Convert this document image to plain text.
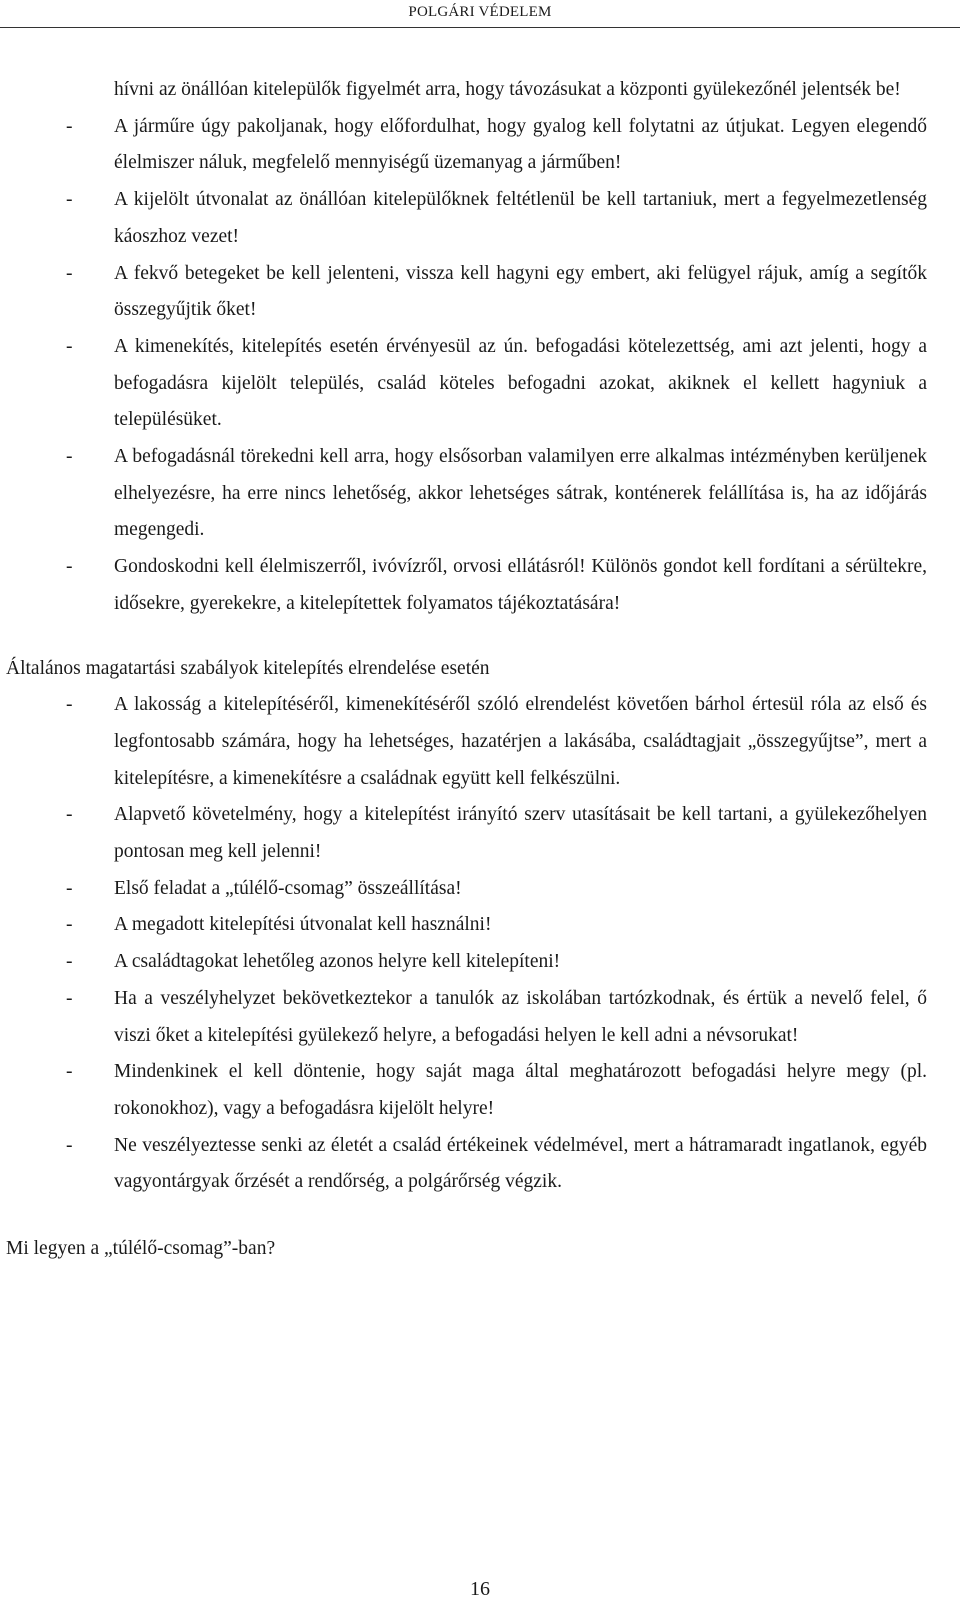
POLGÁRI VÉDELEM
hívni az önállóan kitelepülők figyelmét arra, hogy távozásukat a központi gyülekezőnél jelentsék be!
- A járműre úgy pakoljanak, hogy előfordulhat, hogy gyalog kell folytatni az útjukat. Legyen elegendő élelmiszer náluk, megfelelő mennyiségű üzemanyag a járműben!
- A kijelölt útvonalat az önállóan kitelepülőknek feltétlenül be kell tartaniuk, mert a fegyelmezetlenség káoszhoz vezet!
- A fekvő betegeket be kell jelenteni, vissza kell hagyni egy embert, aki felügyel rájuk, amíg a segítők összegyűjtik őket!
- A kimenekítés, kitelepítés esetén érvényesül az ún. befogadási kötelezettség, ami azt jelenti, hogy a befogadásra kijelölt település, család köteles befogadni azokat, akiknek el kellett hagyniuk a településüket.
- A befogadásnál törekedni kell arra, hogy elsősorban valamilyen erre alkalmas intézményben kerüljenek elhelyezésre, ha erre nincs lehetőség, akkor lehetséges sátrak, konténerek felállítása is, ha az időjárás megengedi.
- Gondoskodni kell élelmiszerről, ivóvízről, orvosi ellátásról! Különös gondot kell fordítani a sérültekre, idősekre, gyerekekre, a kitelepítettek folyamatos tájékoztatására!
Általános magatartási szabályok kitelepítés elrendelése esetén
- A lakosság a kitelepítéséről, kimenekítéséről szóló elrendelést követően bárhol értesül róla az első és legfontosabb számára, hogy ha lehetséges, hazatérjen a lakásába, családtagjait „összegyűjtse”, mert a kitelepítésre, a kimenekítésre a családnak együtt kell felkészülni.
- Alapvető követelmény, hogy a kitelepítést irányító szerv utasításait be kell tartani, a gyülekezőhelyen pontosan meg kell jelenni!
- Első feladat a „túlélő-csomag” összeállítása!
- A megadott kitelepítési útvonalat kell használni!
- A családtagokat lehetőleg azonos helyre kell kitelepíteni!
- Ha a veszélyhelyzet bekövetkeztekor a tanulók az iskolában tartózkodnak, és értük a nevelő felel, ő viszi őket a kitelepítési gyülekező helyre, a befogadási helyen le kell adni a névsorukat!
- Mindenkinek el kell döntenie, hogy saját maga által meghatározott befogadási helyre megy (pl. rokonokhoz), vagy a befogadásra kijelölt helyre!
- Ne veszélyeztesse senki az életét a család értékeinek védelmével, mert a hátramaradt ingatlanok, egyéb vagyontárgyak őrzését a rendőrség, a polgárőrség végzik.
Mi legyen a „túlélő-csomag”-ban?
16
